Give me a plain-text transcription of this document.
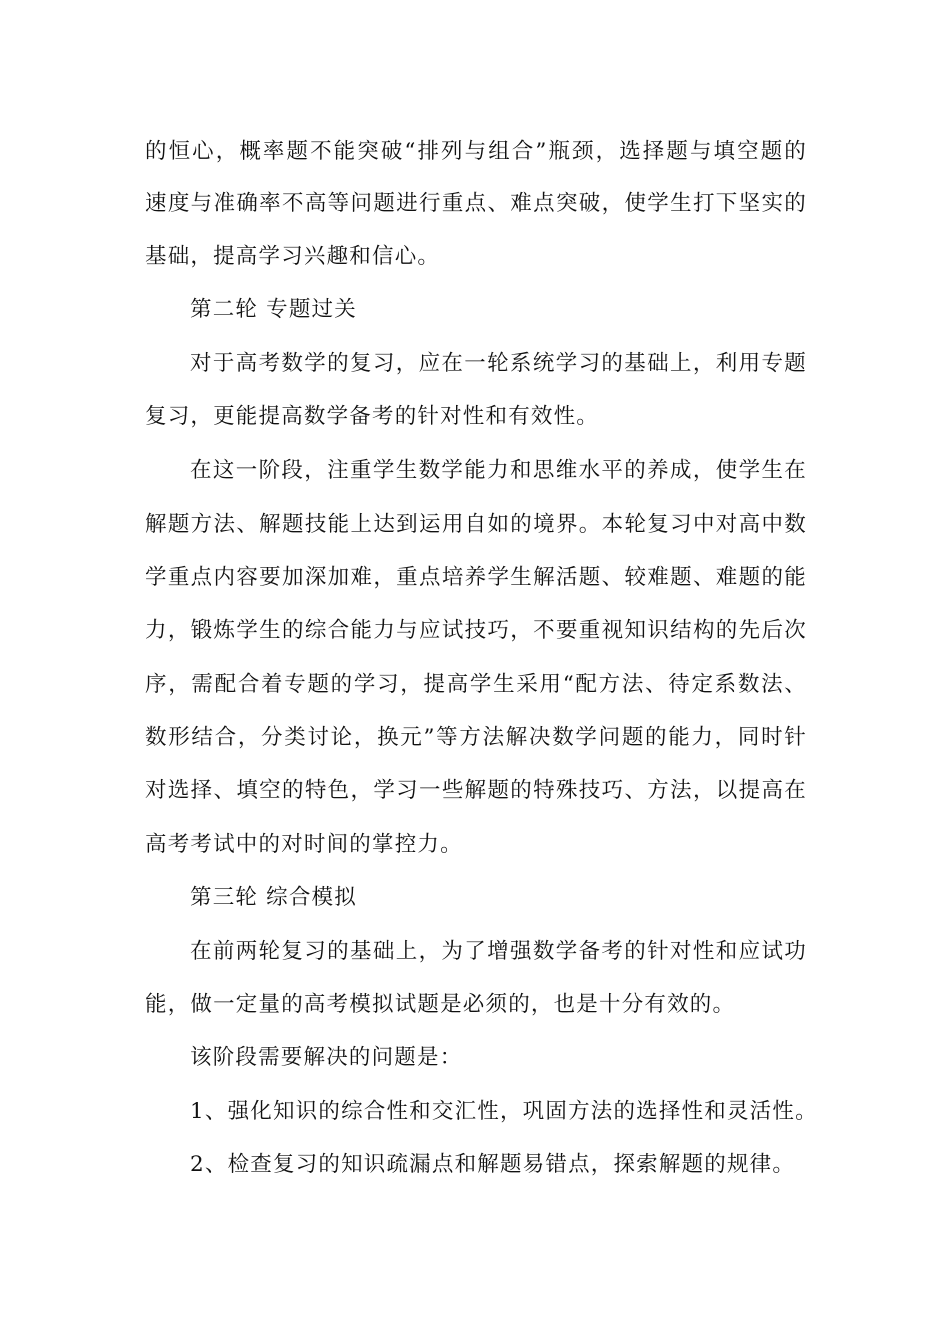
的恒心，概率题不能突破“排列与组合”瓶颈，选择题与填空题的
速度与准确率不高等问题进行重点、难点突破，使学生打下坚实的
基础，提高学习兴趣和信心。
第二轮 专题过关
对于高考数学的复习，应在一轮系统学习的基础上，利用专题
复习，更能提高数学备考的针对性和有效性。
在这一阶段，注重学生数学能力和思维水平的养成，使学生在
解题方法、解题技能上达到运用自如的境界。本轮复习中对高中数
学重点内容要加深加难，重点培养学生解活题、较难题、难题的能
力，锻炼学生的综合能力与应试技巧，不要重视知识结构的先后次
序，需配合着专题的学习，提高学生采用“配方法、待定系数法、
数形结合，分类讨论，换元”等方法解决数学问题的能力，同时针
对选择、填空的特色，学习一些解题的特殊技巧、方法，以提高在
高考考试中的对时间的掌控力。
第三轮 综合模拟
在前两轮复习的基础上，为了增强数学备考的针对性和应试功
能，做一定量的高考模拟试题是必须的，也是十分有效的。
该阶段需要解决的问题是：
1、强化知识的综合性和交汇性，巩固方法的选择性和灵活性。
2、检查复习的知识疏漏点和解题易错点，探索解题的规律。
